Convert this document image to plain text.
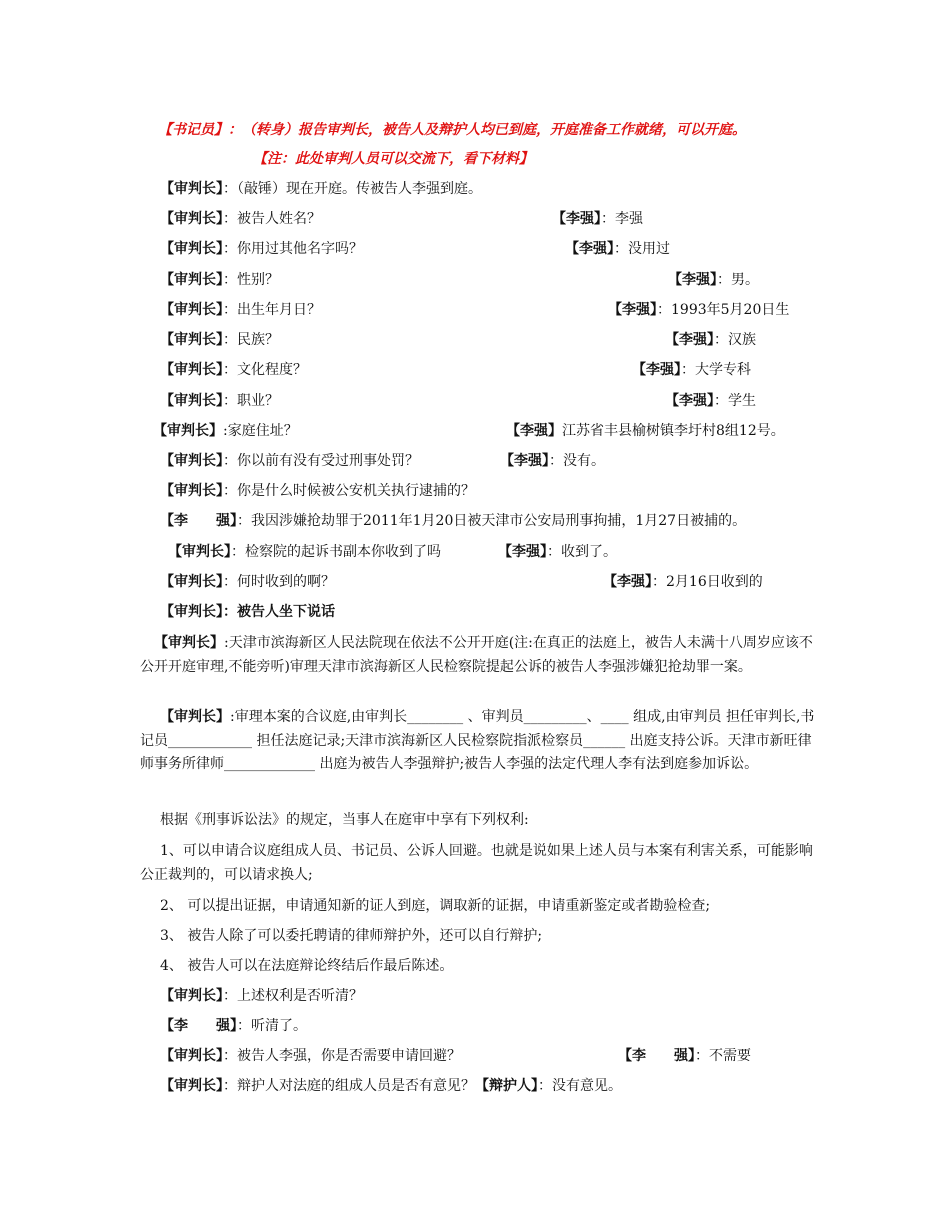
【书记员】：（转身）报告审判长，被告人及辩护人均已到庭，开庭准备工作就绪，可以开庭。
【注：此处审判人员可以交流下，看下材料】
【审判长】：（敲锤）现在开庭。传被告人李强到庭。
【审判长】：被告人姓名？	【李强】：李强
【审判长】：你用过其他名字吗？	【李强】：没用过
【审判长】：性别？	【李强】：男。
【审判长】：出生年月日？	【李强】：1993年5月20日生
【审判长】：民族？	【李强】：汉族
【审判长】：文化程度？	【李强】：大学专科
【审判长】：职业？	【李强】：学生
【审判长】:家庭住址？	【李强】江苏省丰县榆树镇李圩村8组12号。
【审判长】：你以前有没有受过刑事处罚？	【李强】：没有。
【审判长】：你是什么时候被公安机关执行逮捕的？
【李　　强】：我因涉嫌抢劫罪于2011年1月20日被天津市公安局刑事拘捕，1月27日被捕的。
【审判长】：检察院的起诉书副本你收到了吗	【李强】：收到了。
【审判长】：何时收到的啊？	【李强】：2月16日收到的
【审判长】：被告人坐下说话
【审判长】:天津市滨海新区人民法院现在依法不公开开庭(注:在真正的法庭上，被告人未满十八周岁应该不公开开庭审理,不能旁听)审理天津市滨海新区人民检察院提起公诉的被告人李强涉嫌犯抢劫罪一案。
【审判长】:审理本案的合议庭,由审判长________ 、审判员_________、____ 组成,由审判员 担任审判长,书记员____________ 担任法庭记录;天津市滨海新区人民检察院指派检察员______ 出庭支持公诉。天津市新旺律师事务所律师_____________ 出庭为被告人李强辩护;被告人李强的法定代理人李有法到庭参加诉讼。
根据《刑事诉讼法》的规定，当事人在庭审中享有下列权利:
1、可以申请合议庭组成人员、书记员、公诉人回避。也就是说如果上述人员与本案有利害关系，可能影响公正裁判的，可以请求换人;
2、 可以提出证据，申请通知新的证人到庭，调取新的证据，申请重新鉴定或者勘验检查;
3、 被告人除了可以委托聘请的律师辩护外，还可以自行辩护;
4、 被告人可以在法庭辩论终结后作最后陈述。
【审判长】：上述权利是否听清？
【李　　强】：听清了。
【审判长】：被告人李强，你是否需要申请回避？	【李　　强】：不需要
【审判长】：辩护人对法庭的组成人员是否有意见？【辩护人】：没有意见。
